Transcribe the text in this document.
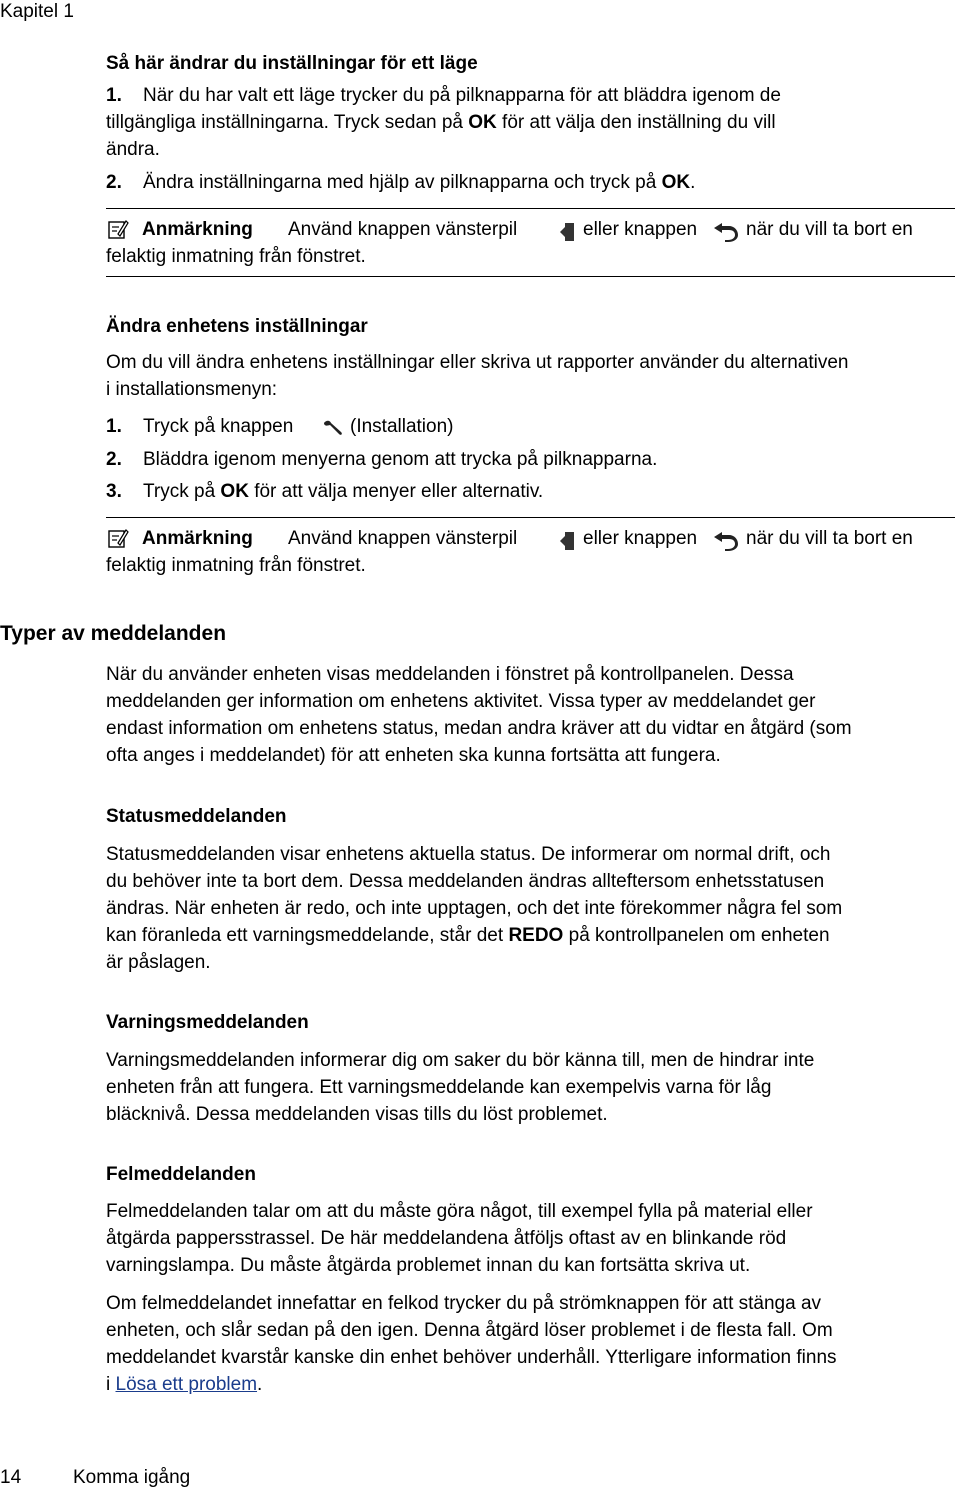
Kapitel 1
Så här ändrar du inställningar för ett läge
1. När du har valt ett läge trycker du på pilknapparna för att bläddra igenom de
tillgängliga inställningarna. Tryck sedan på OK för att välja den inställning du vill
ändra.
2. Ändra inställningarna med hjälp av pilknapparna och tryck på OK.
Anmärkning Använd knappen vänsterpil	eller knappen	när du vill ta bort en
felaktig inmatning från fönstret.
Ändra enhetens inställningar
Om du vill ändra enhetens inställningar eller skriva ut rapporter använder du alternativen
i installationsmenyn:
1. Tryck på knappen	(Installation)
2. Bläddra igenom menyerna genom att trycka på pilknapparna.
3. Tryck på OK för att välja menyer eller alternativ.
Anmärkning Använd knappen vänsterpil	eller knappen	när du vill ta bort en
felaktig inmatning från fönstret.
Typer av meddelanden
När du använder enheten visas meddelanden i fönstret på kontrollpanelen. Dessa
meddelanden ger information om enhetens aktivitet. Vissa typer av meddelandet ger
endast information om enhetens status, medan andra kräver att du vidtar en åtgärd (som
ofta anges i meddelandet) för att enheten ska kunna fortsätta att fungera.
Statusmeddelanden
Statusmeddelanden visar enhetens aktuella status. De informerar om normal drift, och
du behöver inte ta bort dem. Dessa meddelanden ändras allteftersom enhetsstatusen
ändras. När enheten är redo, och inte upptagen, och det inte förekommer några fel som
kan föranleda ett varningsmeddelande, står det REDO på kontrollpanelen om enheten
är påslagen.
Varningsmeddelanden
Varningsmeddelanden informerar dig om saker du bör känna till, men de hindrar inte
enheten från att fungera. Ett varningsmeddelande kan exempelvis varna för låg
bläcknivå. Dessa meddelanden visas tills du löst problemet.
Felmeddelanden
Felmeddelanden talar om att du måste göra något, till exempel fylla på material eller
åtgärda pappersstrassel. De här meddelandena åtföljs oftast av en blinkande röd
varningslampa. Du måste åtgärda problemet innan du kan fortsätta skriva ut.
Om felmeddelandet innefattar en felkod trycker du på strömknappen för att stänga av
enheten, och slår sedan på den igen. Denna åtgärd löser problemet i de flesta fall. Om
meddelandet kvarstår kanske din enhet behöver underhåll. Ytterligare information finns
i Lösa ett problem.
14	Komma igång
